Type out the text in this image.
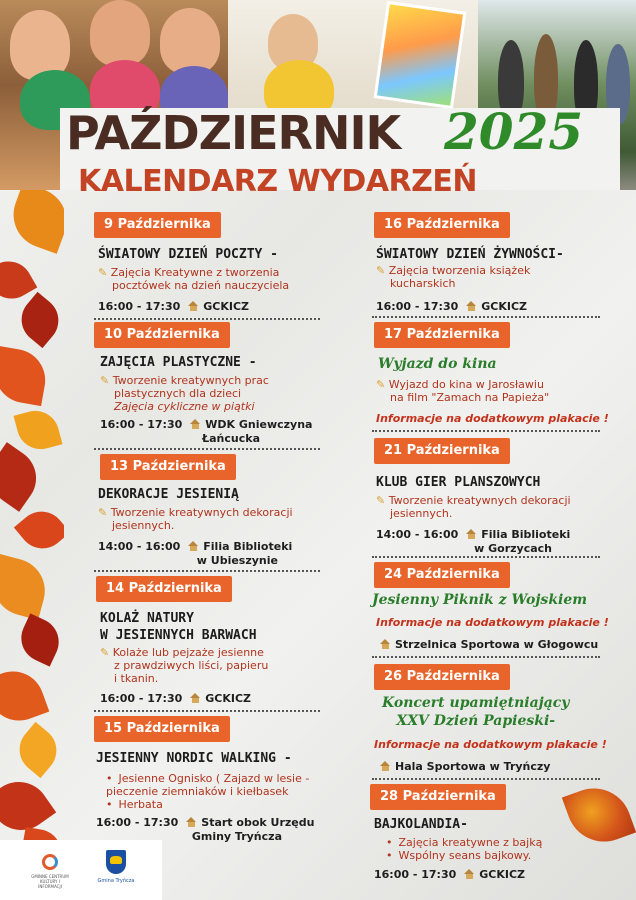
PAŹDZIERNIK 2025
KALENDARZ WYDARZEŃ
9 Października
ŚWIATOWY DZIEŃ POCZTY -
✎ Zajęcia Kreatywne z tworzenia
pocztówek na dzień nauczyciela
16:00 - 17:30 GCKICZ
10 Października
ZAJĘCIA PLASTYCZNE -
✎ Tworzenie kreatywnych prac
plastycznych dla dzieci
Zajęcia cykliczne w piątki
16:00 - 17:30 WDK Gniewczyna
Łańcucka
13 Października
DEKORACJE JESIENIĄ
✎ Tworzenie kreatywnych dekoracji
jesiennych.
14:00 - 16:00 Filia Biblioteki
w Ubieszynie
14 Października
KOLAŻ NATURY
W JESIENNYCH BARWACH
✎ Kolaże lub pejzaże jesienne
z prawdziwych liści, papieru
i tkanin.
16:00 - 17:30 GCKICZ
15 Października
JESIENNY NORDIC WALKING -
• Jesienne Ognisko ( Zajazd w lesie -
pieczenie ziemniaków i kiełbasek
• Herbata
16:00 - 17:30 Start obok Urzędu
Gminy Tryńcza
16 Października
ŚWIATOWY DZIEŃ ŻYWNOŚCI-
✎ Zajęcia tworzenia książek
kucharskich
16:00 - 17:30 GCKICZ
17 Października
Wyjazd do kina
✎ Wyjazd do kina w Jarosławiu
na film "Zamach na Papieża"
Informacje na dodatkowym plakacie !
21 Października
KLUB GIER PLANSZOWYCH
✎ Tworzenie kreatywnych dekoracji
jesiennych.
14:00 - 16:00 Filia Biblioteki
w Gorzycach
24 Października
Jesienny Piknik z Wojskiem
Informacje na dodatkowym plakacie !
Strzelnica Sportowa w Głogowcu
26 Października
Koncert upamiętniający
XXV Dzień Papieski-
Informacje na dodatkowym plakacie !
Hala Sportowa w Tryńczy
28 Października
BAJKOLANDIA-
• Zajęcia kreatywne z bajką
• Wspólny seans bajkowy.
16:00 - 17:30 GCKICZ
GMINNE CENTRUM KULTURY I INFORMACJI
Gmina Tryńcza
